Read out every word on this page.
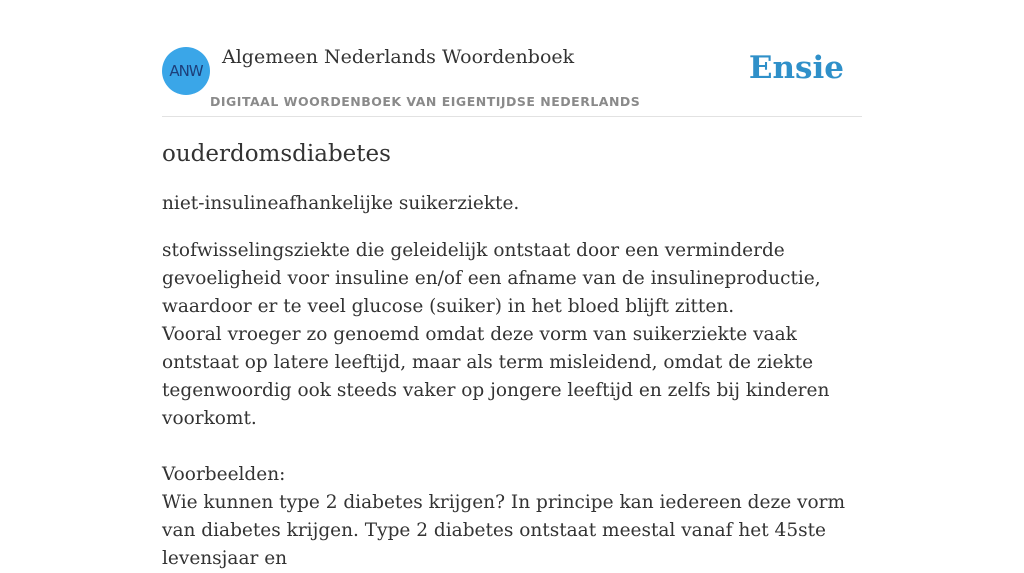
ANW
Algemeen Nederlands Woordenboek
DIGITAAL WOORDENBOEK VAN EIGENTIJDSE NEDERLANDS
Ensie
ouderdomsdiabetes

niet-insulineafhankelijke suikerziekte.

stofwisselingsziekte die geleidelijk ontstaat door een verminderde gevoeligheid voor insuline en/of een afname van de insulineproductie, waardoor er te veel glucose (suiker) in het bloed blijft zitten.

Vooral vroeger zo genoemd omdat deze vorm van suikerziekte vaak ontstaat op latere leeftijd, maar als term misleidend, omdat de ziekte tegenwoordig ook steeds vaker op jongere leeftijd en zelfs bij kinderen voorkomt.

Voorbeelden:

Wie kunnen type 2 diabetes krijgen? In principe kan iedereen deze vorm van diabetes krijgen. Type 2 diabetes ontstaat meestal vanaf het 45ste levensjaar en
